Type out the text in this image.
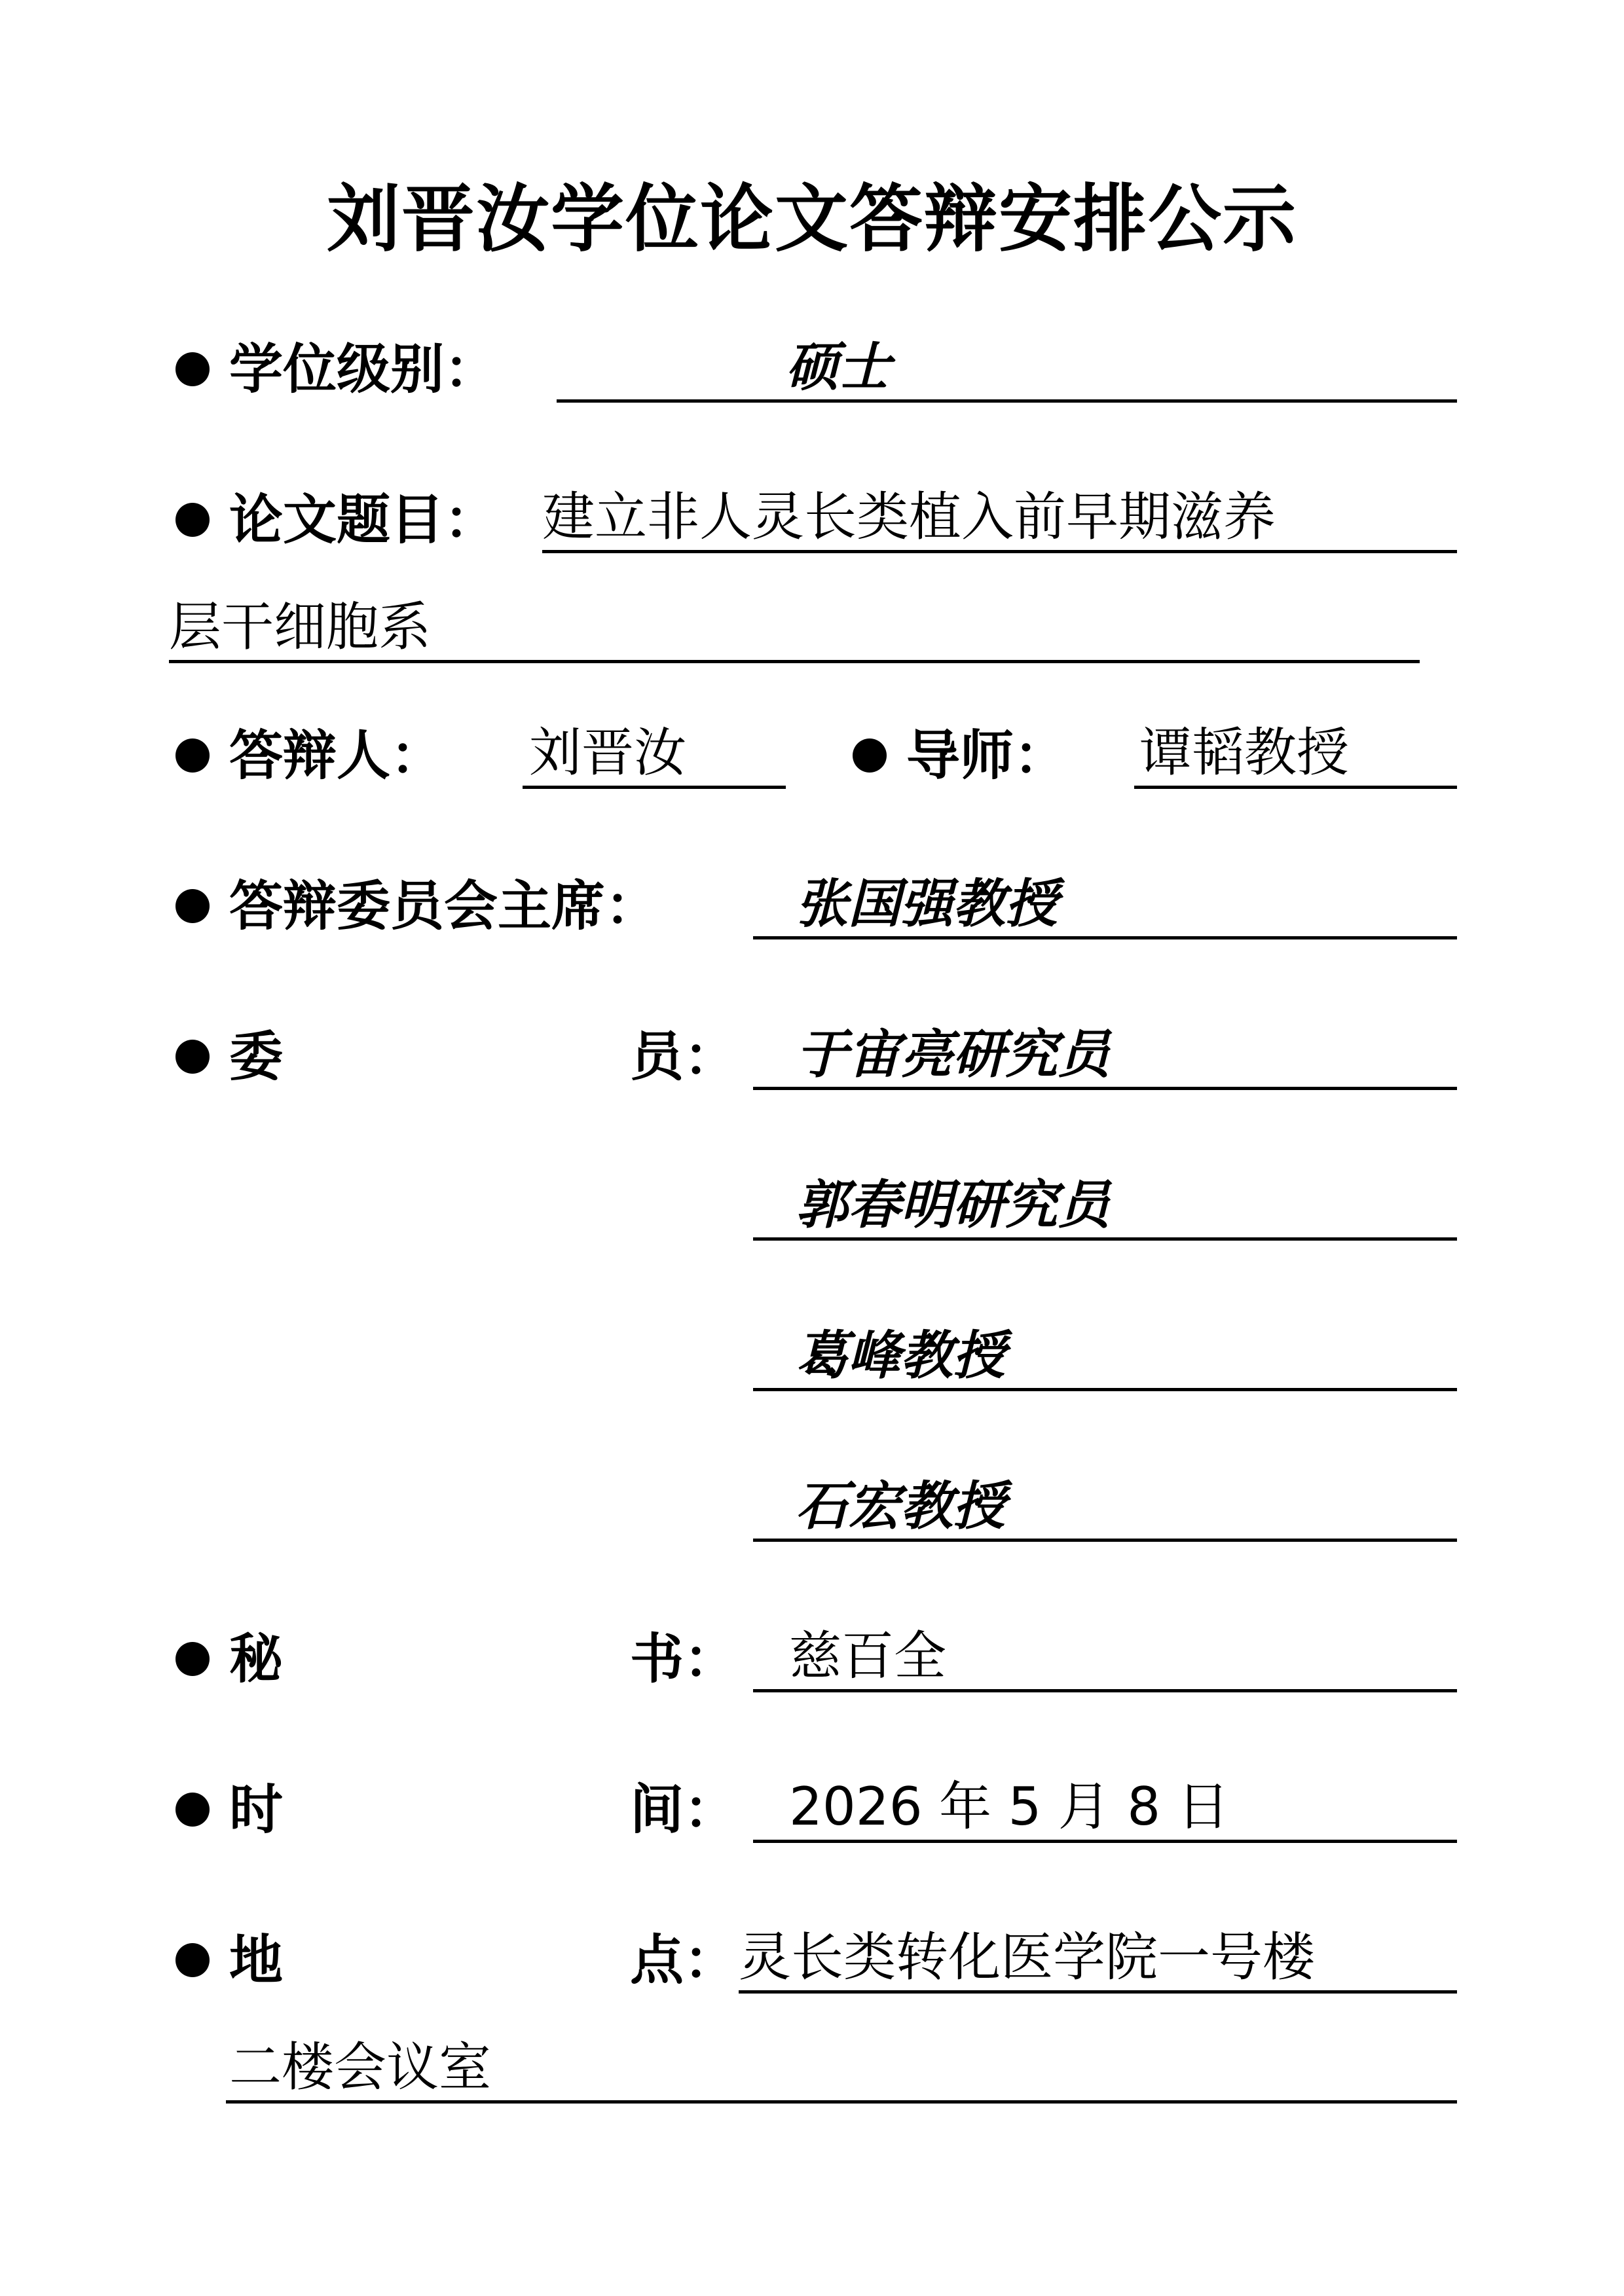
刘晋汝学位论文答辩安排公示
学位级别：	硕士
论文题目： 建立非人灵长类植入前早期滋养
层干细胞系
答辩人： 刘晋汝	导师： 谭韬教授
答辩委员会主席：	张国强教授
委	员： 于宙亮研究员
郭春明研究员
葛峰教授
石宏教授
秘	书： 慈百全
时	间： 2026 年 5 月 8 日
地	点： 灵长类转化医学院一号楼
二楼会议室
